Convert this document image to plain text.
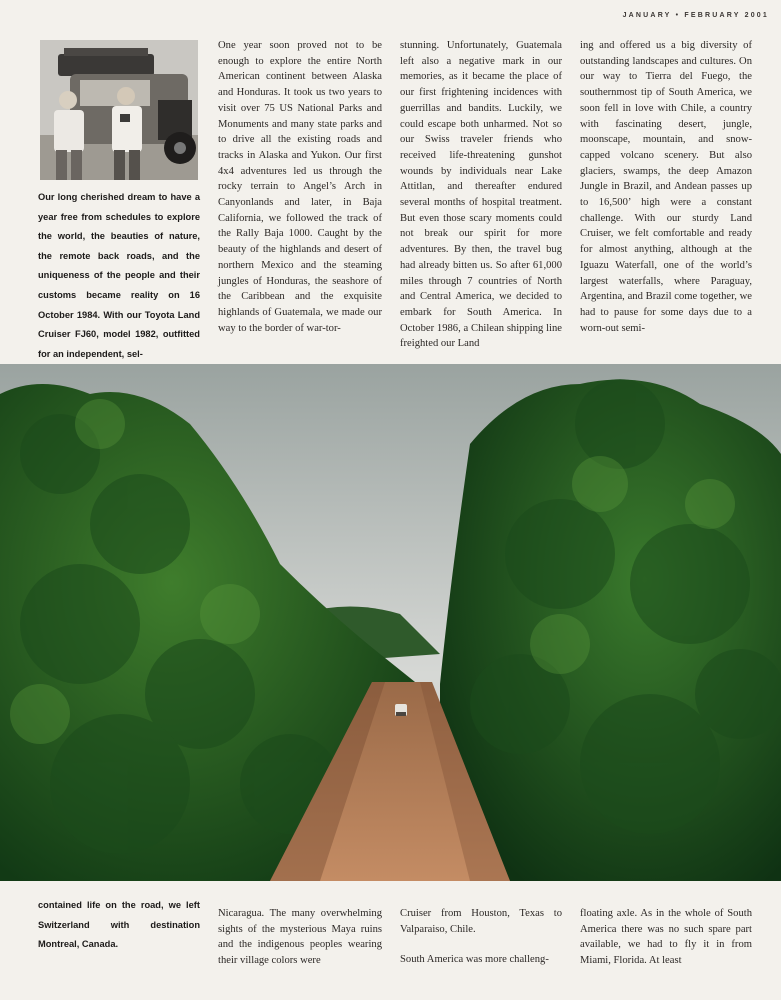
JANUARY • FEBRUARY 2001
Our long cherished dream to have a year free from schedules to explore the world, the beauties of nature, the remote back roads, and the uniqueness of the people and their customs became reality on 16 October 1984. With our Toyota Land Cruiser FJ60, model 1982, outfitted for an independent, sel-

One year soon proved not to be enough to explore the entire North American continent between Alaska and Honduras. It took us two years to visit over 75 US National Parks and Monuments and many state parks and to drive all the existing roads and tracks in Alaska and Yukon. Our first 4x4 adventures led us through the rocky terrain to Angel’s Arch in Canyonlands and later, in Baja California, we followed the track of the Rally Baja 1000. Caught by the beauty of the highlands and desert of northern Mexico and the steaming jungles of Honduras, the seashore of the Caribbean and the exquisite highlands of Guatemala, we made our way to the border of war-tor-

stunning. Unfortunately, Guatemala left also a negative mark in our memories, as it became the place of our first frightening incidences with guerrillas and bandits. Luckily, we could escape both unharmed. Not so our Swiss traveler friends who received life-threatening gunshot wounds by individuals near Lake Attitlan, and thereafter endured several months of hospital treatment. But even those scary moments could not break our spirit for more adventures. By then, the travel bug had already bitten us. So after 61,000 miles through 7 countries of North and Central America, we decided to embark for South America. In October 1986, a Chilean shipping line freighted our Land

ing and offered us a big diversity of outstanding landscapes and cultures. On our way to Tierra del Fuego, the southernmost tip of South America, we soon fell in love with Chile, a country with fascinating desert, jungle, moonscape, mountain, and snow-capped volcano scenery. But also glaciers, swamps, the deep Amazon Jungle in Brazil, and Andean passes up to 16,500’ high were a constant challenge. With our sturdy Land Cruiser, we felt comfortable and ready for almost anything, although at the Iguazu Waterfall, one of the world’s largest waterfalls, where Paraguay, Argentina, and Brazil come together, we had to pause for some days due to a worn-out semi-

contained life on the road, we left Switzerland with destination Montreal, Canada.

Nicaragua. The many overwhelming sights of the mysterious Maya ruins and the indigenous peoples wearing their village colors were

Cruiser from Houston, Texas to Valparaiso, Chile.

South America was more challeng-

floating axle. As in the whole of South America there was no such spare part available, we had to fly it in from Miami, Florida. At least
